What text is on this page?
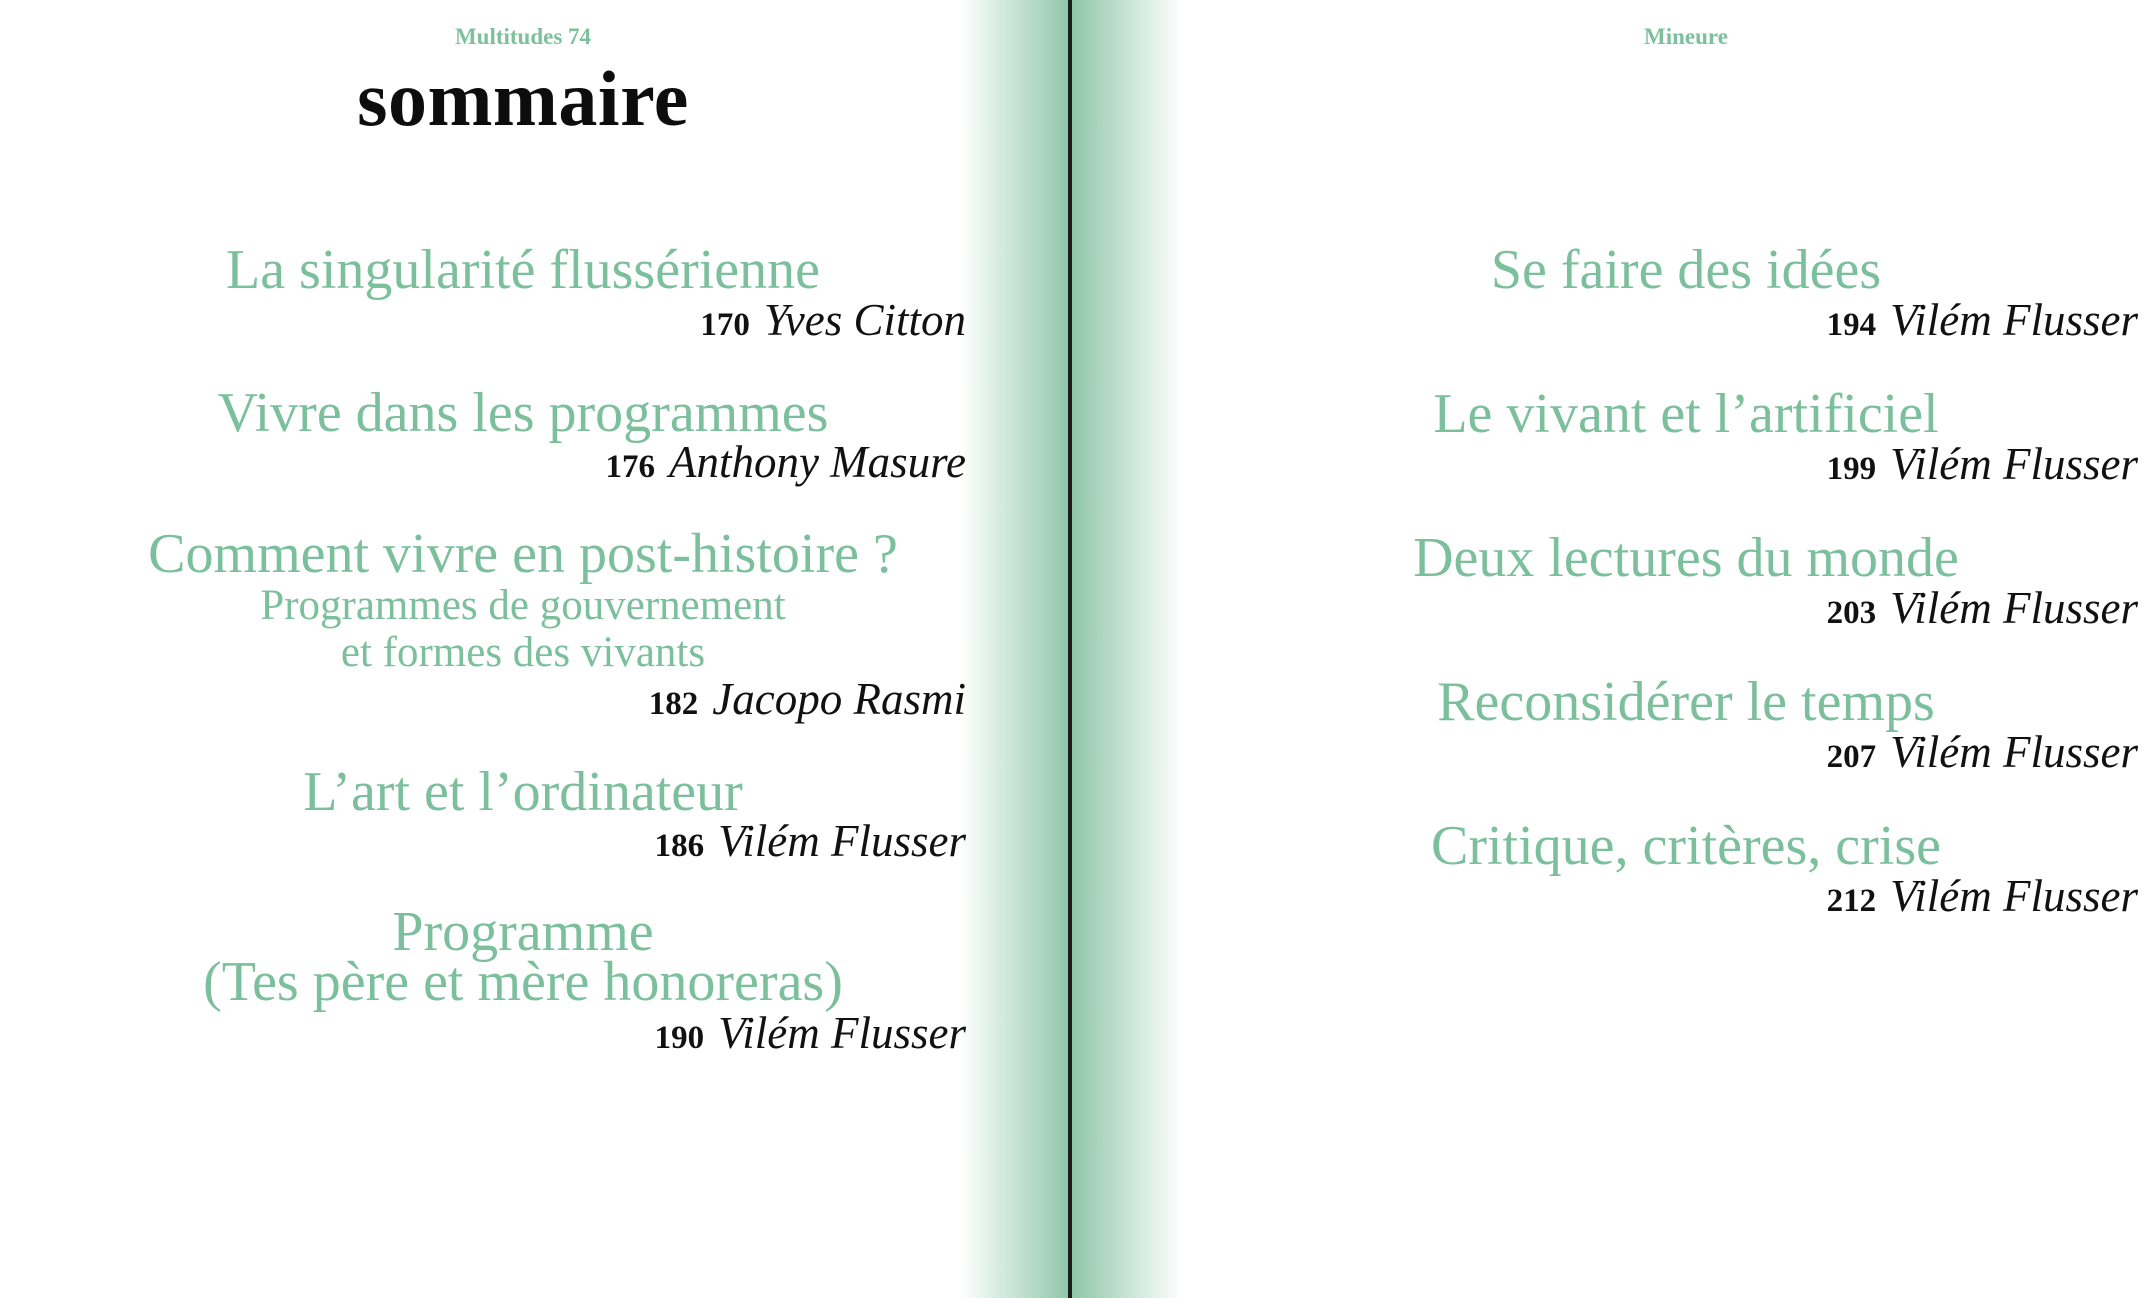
Multitudes 74
sommaire
La singularité flussérienne
170 Yves Citton
Vivre dans les programmes
176 Anthony Masure
Comment vivre en post-histoire ?
Programmes de gouvernement
et formes des vivants
182 Jacopo Rasmi
L’art et l’ordinateur
186 Vilém Flusser
Programme
(Tes père et mère honoreras)
190 Vilém Flusser
Mineure
Se faire des idées
194 Vilém Flusser
Le vivant et l’artificiel
199 Vilém Flusser
Deux lectures du monde
203 Vilém Flusser
Reconsidérer le temps
207 Vilém Flusser
Critique, critères, crise
212 Vilém Flusser
